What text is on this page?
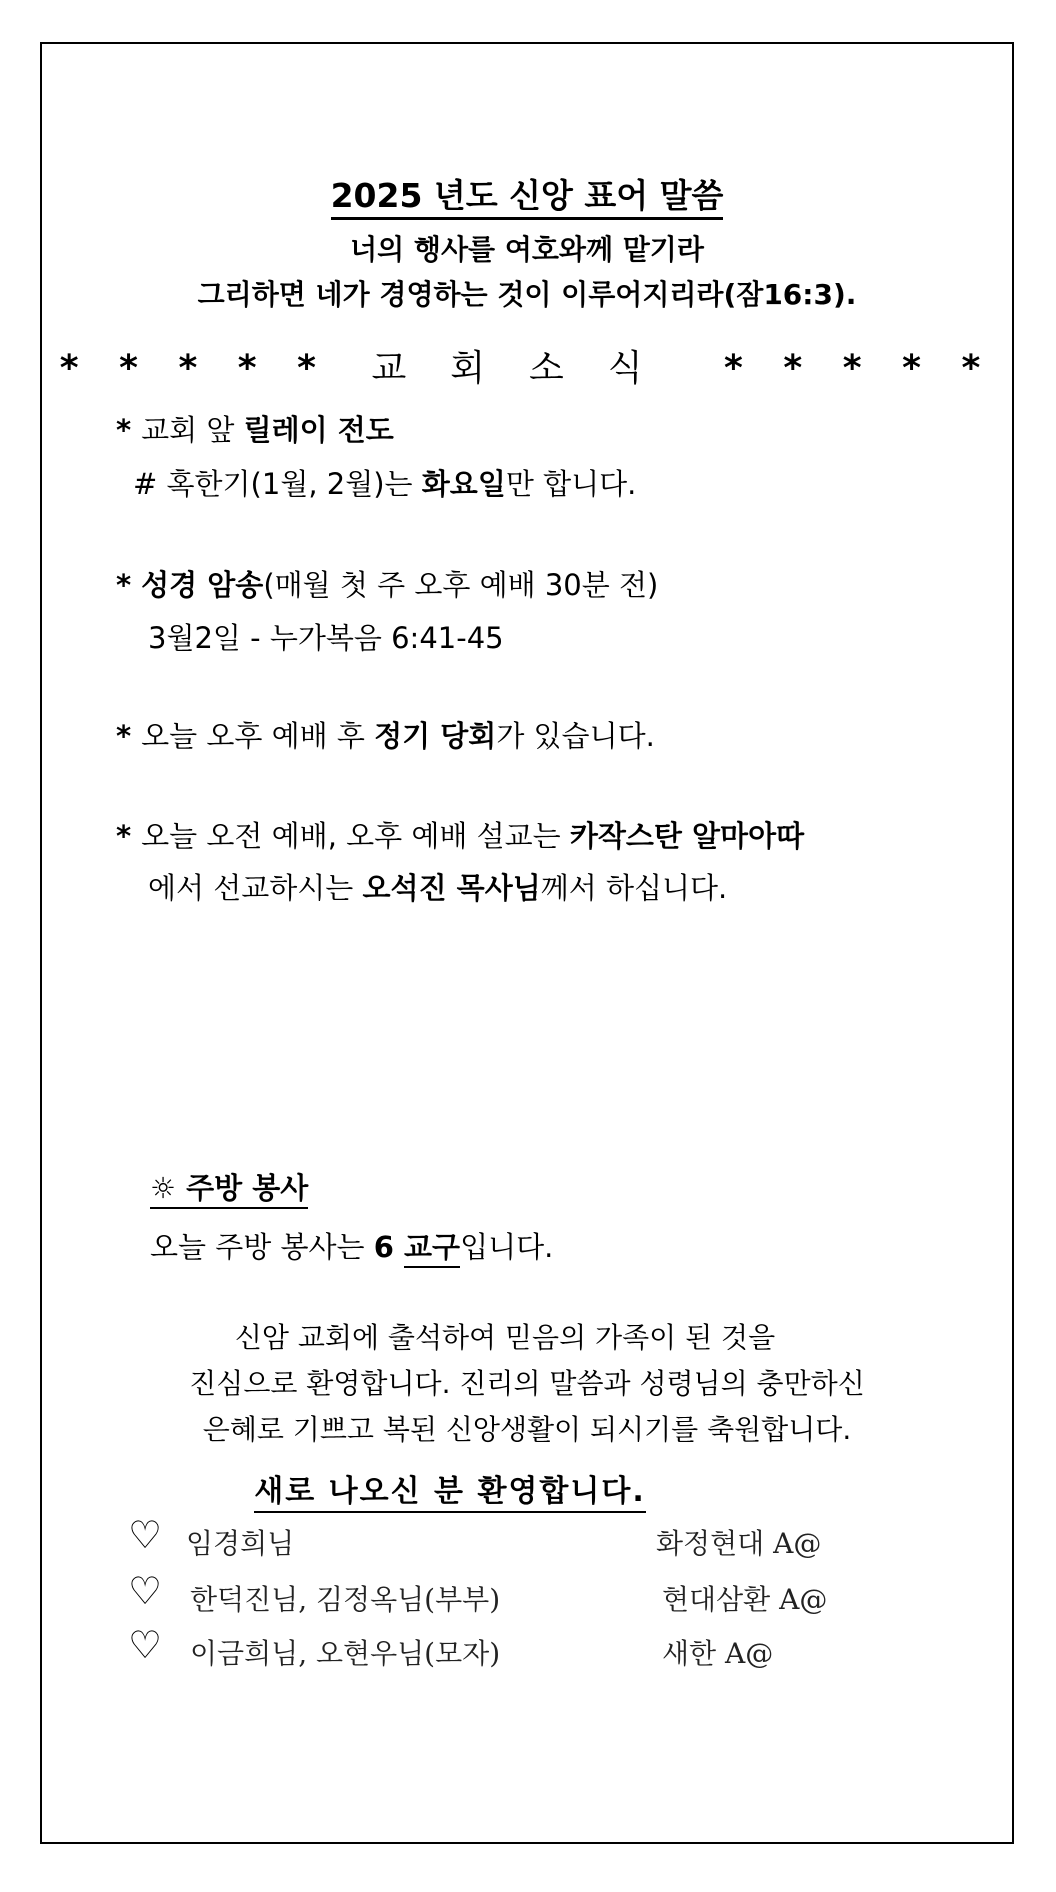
2025 년도 신앙 표어 말씀
너의 행사를 여호와께 맡기라
그리하면 네가 경영하는 것이 이루어지리라(잠16:3).
* * * * * 교회소식 * * * * *
* 교회 앞 릴레이 전도
# 혹한기(1월, 2월)는 화요일만 합니다.
* 성경 암송(매월 첫 주 오후 예배 30분 전)
3월2일 - 누가복음 6:41-45
* 오늘 오후 예배 후 정기 당회가 있습니다.
* 오늘 오전 예배, 오후 예배 설교는 카작스탄 알마아따
에서 선교하시는 오석진 목사님께서 하십니다.
☼ 주방 봉사
오늘 주방 봉사는 6 교구입니다.
신암 교회에 출석하여 믿음의 가족이 된 것을
진심으로 환영합니다. 진리의 말씀과 성령님의 충만하신
은혜로 기쁘고 복된 신앙생활이 되시기를 축원합니다.
새로 나오신 분 환영합니다.
♡ 임경희님	화정현대 A@
♡ 한덕진님, 김정옥님(부부)	현대삼환 A@
♡ 이금희님, 오현우님(모자)	새한 A@
